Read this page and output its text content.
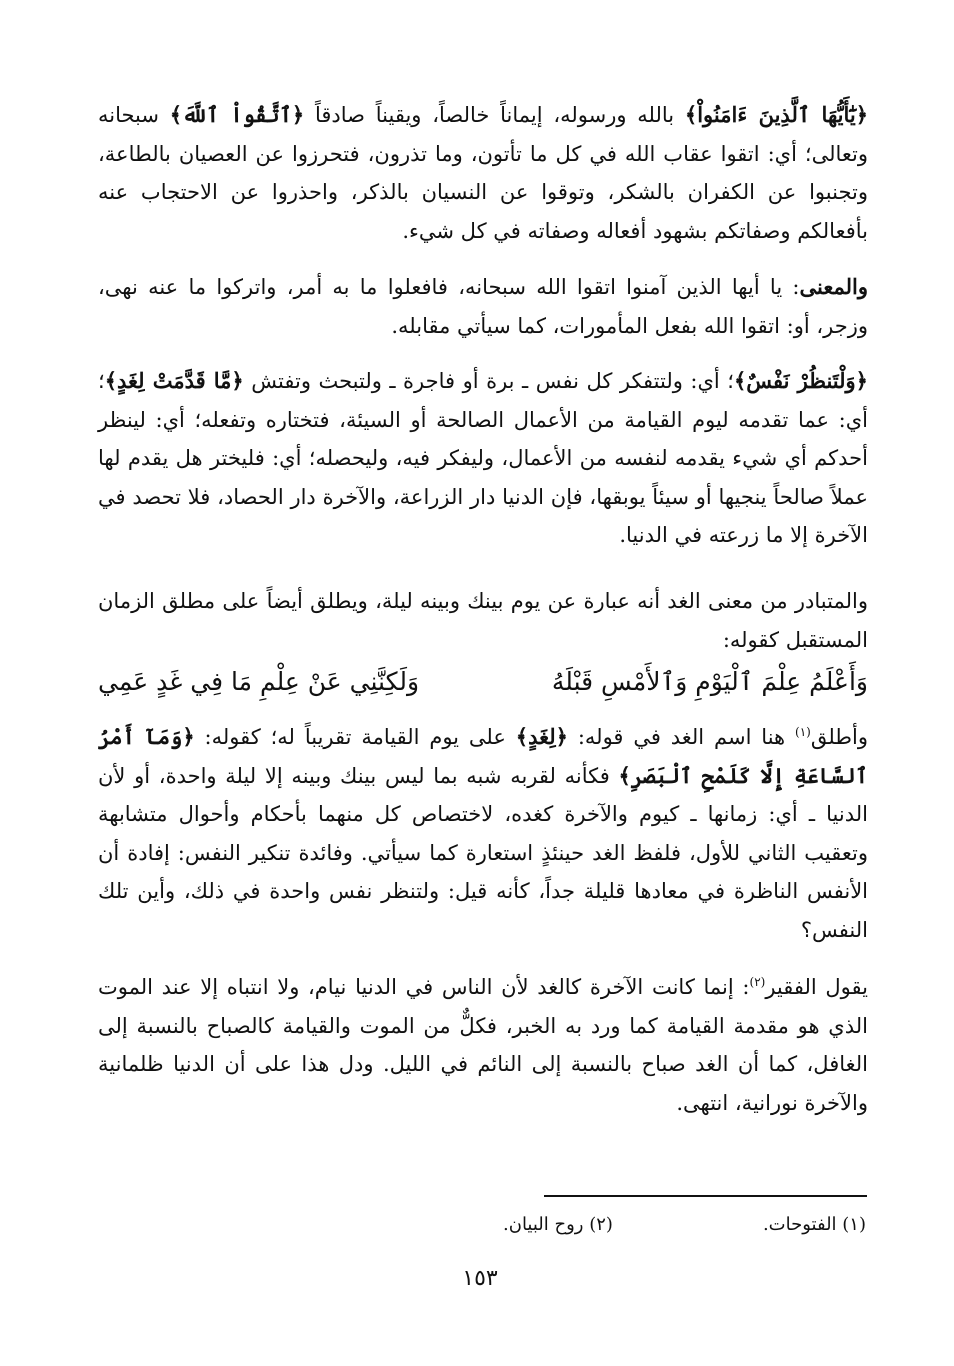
﴿يَٰٓأَيُّهَا ٱلَّذِينَ ءَامَنُواْ﴾ بالله ورسوله، إيماناً خالصاً، ويقيناً صادقاً ﴿ٱتَّقُواْ ٱللَّهَ﴾ سبحانه وتعالى؛ أي: اتقوا عقاب الله في كل ما تأتون، وما تذرون، فتحرزوا عن العصيان بالطاعة، وتجنبوا عن الكفران بالشكر، وتوقوا عن النسيان بالذكر، واحذروا عن الاحتجاب عنه بأفعالكم وصفاتكم بشهود أفعاله وصفاته في كل شيء.

والمعنى: يا أيها الذين آمنوا اتقوا الله سبحانه، فافعلوا ما به أمر، واتركوا ما عنه نهى، وزجر، أو: اتقوا الله بفعل المأمورات، كما سيأتي مقابله.

﴿وَلْتَنظُرْ نَفْسٌ﴾؛ أي: ولتتفكر كل نفس ـ برة أو فاجرة ـ ولتبحث وتفتش ﴿مَّا قَدَّمَتْ لِغَدٍ﴾؛ أي: عما تقدمه ليوم القيامة من الأعمال الصالحة أو السيئة، فتختاره وتفعله؛ أي: لينظر أحدكم أي شيء يقدمه لنفسه من الأعمال، وليفكر فيه، وليحصله؛ أي: فليختر هل يقدم لها عملاً صالحاً ينجيها أو سيئاً يوبقها، فإن الدنيا دار الزراعة، والآخرة دار الحصاد، فلا تحصد في الآخرة إلا ما زرعته في الدنيا.

والمتبادر من معنى الغد أنه عبارة عن يوم بينك وبينه ليلة، ويطلق أيضاً على مطلق الزمان المستقبل كقوله:

وَأَعْلَمُ عِلْمَ ٱلْيَوْمِ وَٱلأَمْسِ قَبْلَهُ
وَلَكِنَّنِي عَنْ عِلْمِ مَا فِي غَدٍ عَمِي

وأطلق$^{(١)}$ هنا اسم الغد في قوله: ﴿لِغَدٍ﴾ على يوم القيامة تقريباً له؛ كقوله: ﴿وَمَآ أَمْرُ ٱلسَّاعَةِ إِلَّا كَلَمْحِ ٱلْبَصَرِ﴾ فكأنه لقربه شبه بما ليس بينك وبينه إلا ليلة واحدة، أو لأن الدنيا ـ أي: زمانها ـ كيوم والآخرة كغده، لاختصاص كل منهما بأحكام وأحوال متشابهة وتعقيب الثاني للأول، فلفظ الغد حينئذٍ استعارة كما سيأتي. وفائدة تنكير النفس: إفادة أن الأنفس الناظرة في معادها قليلة جداً، كأنه قيل: ولتنظر نفس واحدة في ذلك، وأين تلك النفس؟

يقول الفقير$^{(٢)}$: إنما كانت الآخرة كالغد لأن الناس في الدنيا نيام، ولا انتباه إلا عند الموت الذي هو مقدمة القيامة كما ورد به الخبر، فكلٌّ من الموت والقيامة كالصباح بالنسبة إلى الغافل، كما أن الغد صباح بالنسبة إلى النائم في الليل. ودل هذا على أن الدنيا ظلمانية والآخرة نورانية، انتهى.

(١) الفتوحات.
(٢) روح البيان.
١٥٣
